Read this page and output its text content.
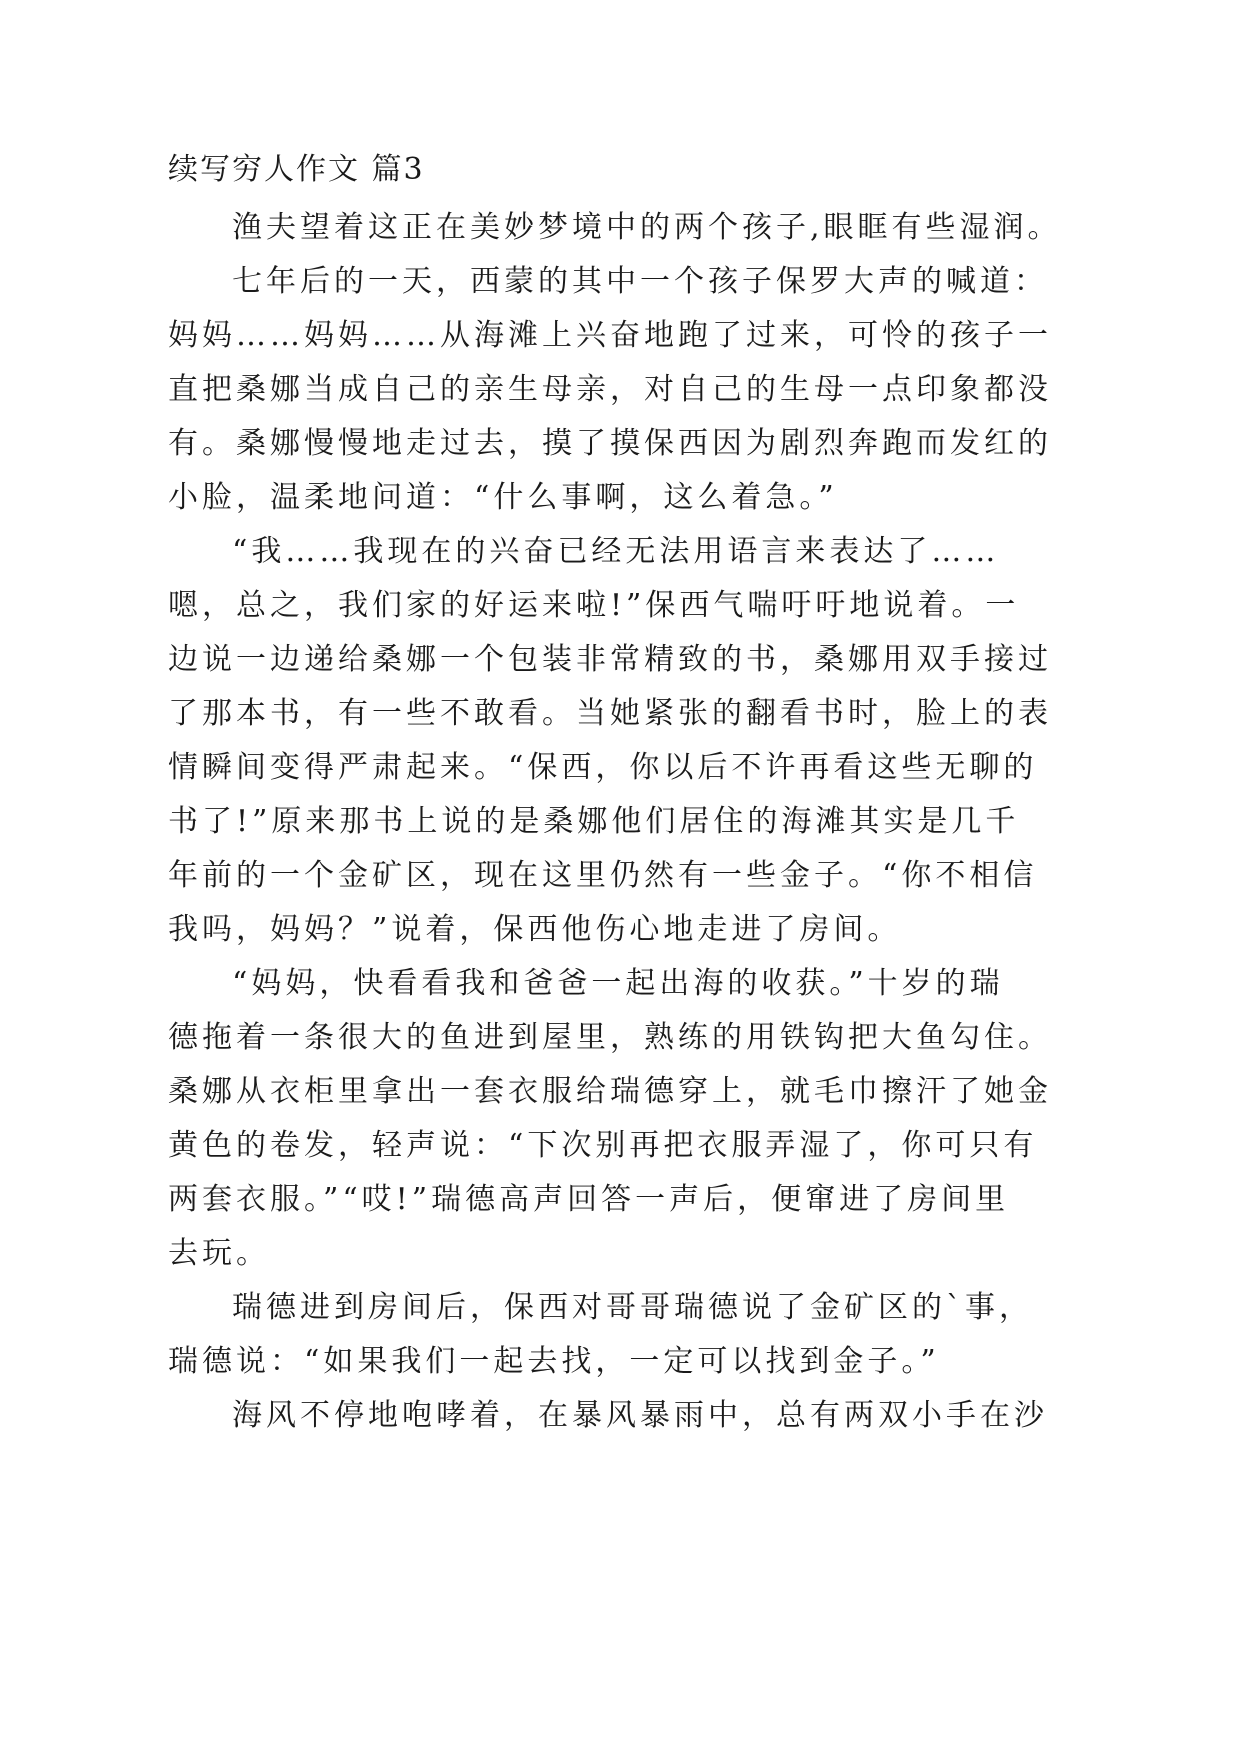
续写穷人作文 篇3
渔夫望着这正在美妙梦境中的两个孩子,眼眶有些湿润。
七年后的一天，西蒙的其中一个孩子保罗大声的喊道：
妈妈……妈妈……从海滩上兴奋地跑了过来，可怜的孩子一
直把桑娜当成自己的亲生母亲，对自己的生母一点印象都没
有。桑娜慢慢地走过去，摸了摸保西因为剧烈奔跑而发红的
小脸，温柔地问道：“什么事啊，这么着急。”
“我……我现在的兴奋已经无法用语言来表达了……
嗯，总之，我们家的好运来啦!”保西气喘吁吁地说着。一
边说一边递给桑娜一个包装非常精致的书，桑娜用双手接过
了那本书，有一些不敢看。当她紧张的翻看书时，脸上的表
情瞬间变得严肃起来。“保西，你以后不许再看这些无聊的
书了!”原来那书上说的是桑娜他们居住的海滩其实是几千
年前的一个金矿区，现在这里仍然有一些金子。“你不相信
我吗，妈妈？”说着，保西他伤心地走进了房间。
“妈妈，快看看我和爸爸一起出海的收获。”十岁的瑞
德拖着一条很大的鱼进到屋里，熟练的用铁钩把大鱼勾住。
桑娜从衣柜里拿出一套衣服给瑞德穿上，就毛巾擦汗了她金
黄色的卷发，轻声说：“下次别再把衣服弄湿了，你可只有
两套衣服。”“哎!”瑞德高声回答一声后，便窜进了房间里
去玩。
瑞德进到房间后，保西对哥哥瑞德说了金矿区的`事，
瑞德说：“如果我们一起去找，一定可以找到金子。”
海风不停地咆哮着，在暴风暴雨中，总有两双小手在沙
